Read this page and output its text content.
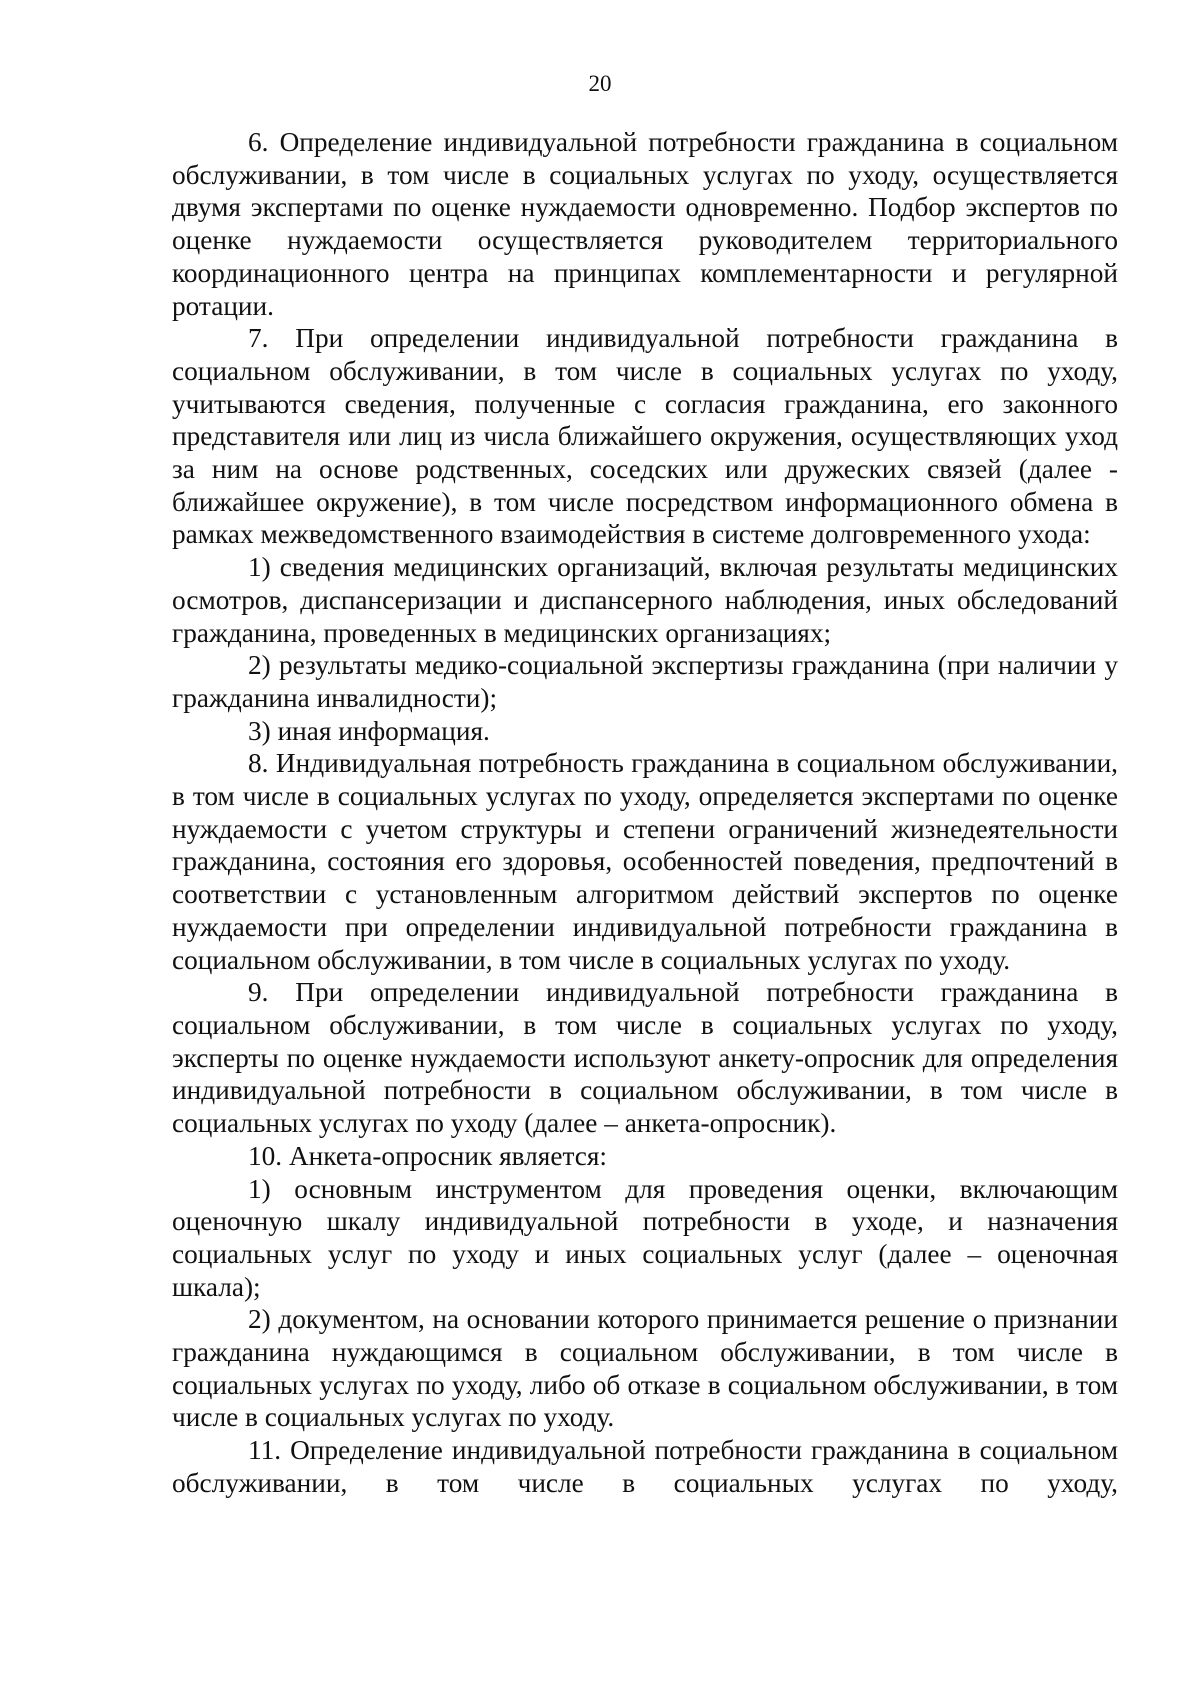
20

6. Определение индивидуальной потребности гражданина в социальном обслуживании, в том числе в социальных услугах по уходу, осуществляется двумя экспертами по оценке нуждаемости одновременно. Подбор экспертов по оценке нуждаемости осуществляется руководителем территориального координационного центра на принципах комплементарности и регулярной ротации.

7. При определении индивидуальной потребности гражданина в социальном обслуживании, в том числе в социальных услугах по уходу, учитываются сведения, полученные с согласия гражданина, его законного представителя или лиц из числа ближайшего окружения, осуществляющих уход за ним на основе родственных, соседских или дружеских связей (далее - ближайшее окружение), в том числе посредством информационного обмена в рамках межведомственного взаимодействия в системе долговременного ухода:

1) сведения медицинских организаций, включая результаты медицинских осмотров, диспансеризации и диспансерного наблюдения, иных обследований гражданина, проведенных в медицинских организациях;

2) результаты медико-социальной экспертизы гражданина (при наличии у гражданина инвалидности);

3) иная информация.

8. Индивидуальная потребность гражданина в социальном обслуживании, в том числе в социальных услугах по уходу, определяется экспертами по оценке нуждаемости с учетом структуры и степени ограничений жизнедеятельности гражданина, состояния его здоровья, особенностей поведения, предпочтений в соответствии с установленным алгоритмом действий экспертов по оценке нуждаемости при определении индивидуальной потребности гражданина в социальном обслуживании, в том числе в социальных услугах по уходу.

9. При определении индивидуальной потребности гражданина в социальном обслуживании, в том числе в социальных услугах по уходу, эксперты по оценке нуждаемости используют анкету-опросник для определения индивидуальной потребности в социальном обслуживании, в том числе в социальных услугах по уходу (далее – анкета-опросник).

10. Анкета-опросник является:

1) основным инструментом для проведения оценки, включающим оценочную шкалу индивидуальной потребности в уходе, и назначения социальных услуг по уходу и иных социальных услуг (далее – оценочная шкала);

2) документом, на основании которого принимается решение о признании гражданина нуждающимся в социальном обслуживании, в том числе в социальных услугах по уходу, либо об отказе в социальном обслуживании, в том числе в социальных услугах по уходу.

11. Определение индивидуальной потребности гражданина в социальном обслуживании, в том числе в социальных услугах по уходу,
